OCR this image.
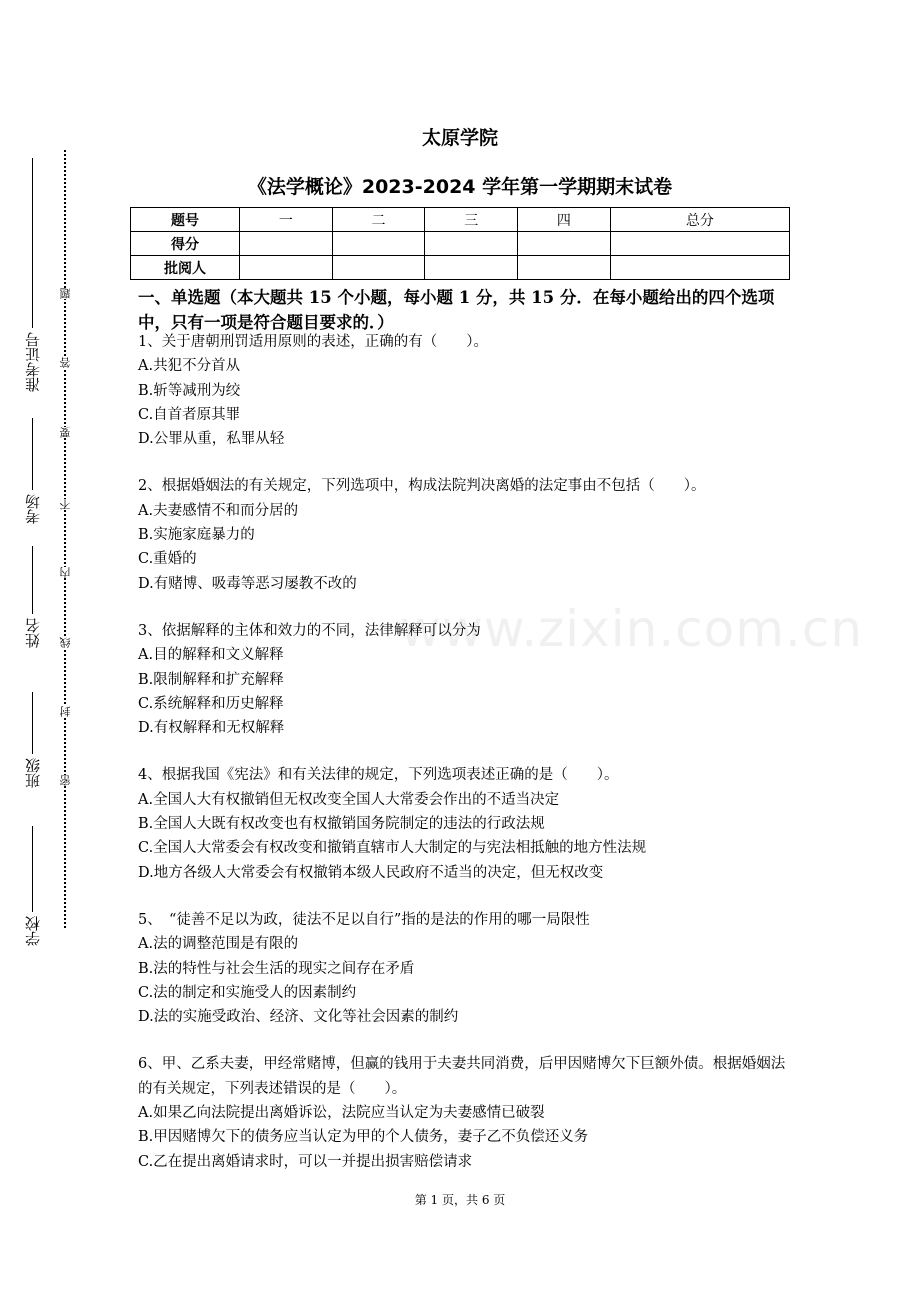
准考证号
考场
姓名
班级
学校
题
答
要
不
内
线
封
密
太原学院
《法学概论》2023-2024 学年第一学期期末试卷
题号	一	二	三	四	总分
得分					
批阅人					
一、单选题（本大题共 15 个小题，每小题 1 分，共 15 分．在每小题给出的四个选项中，只有一项是符合题目要求的．）
1、关于唐朝刑罚适用原则的表述，正确的有（　　）。
A.共犯不分首从
B.斩等减刑为绞
C.自首者原其罪
D.公罪从重，私罪从轻
2、根据婚姻法的有关规定，下列选项中，构成法院判决离婚的法定事由不包括（　　）。
A.夫妻感情不和而分居的
B.实施家庭暴力的
C.重婚的
D.有赌博、吸毒等恶习屡教不改的
3、依据解释的主体和效力的不同，法律解释可以分为
A.目的解释和文义解释
B.限制解释和扩充解释
C.系统解释和历史解释
D.有权解释和无权解释
4、根据我国《宪法》和有关法律的规定，下列选项表述正确的是（　　）。
A.全国人大有权撤销但无权改变全国人大常委会作出的不适当决定
B.全国人大既有权改变也有权撤销国务院制定的违法的行政法规
C.全国人大常委会有权改变和撤销直辖市人大制定的与宪法相抵触的地方性法规
D.地方各级人大常委会有权撤销本级人民政府不适当的决定，但无权改变
5、　“徒善不足以为政，徒法不足以自行”指的是法的作用的哪一局限性
A.法的调整范围是有限的
B.法的特性与社会生活的现实之间存在矛盾
C.法的制定和实施受人的因素制约
D.法的实施受政治、经济、文化等社会因素的制约
6、甲、乙系夫妻，甲经常赌博，但赢的钱用于夫妻共同消费，后甲因赌博欠下巨额外债。根据婚姻法的有关规定，下列表述错误的是（　　）。
A.如果乙向法院提出离婚诉讼，法院应当认定为夫妻感情已破裂
B.甲因赌博欠下的债务应当认定为甲的个人债务，妻子乙不负偿还义务
C.乙在提出离婚请求时，可以一并提出损害赔偿请求
www.zixin.com.cn
第 1 页，共 6 页
